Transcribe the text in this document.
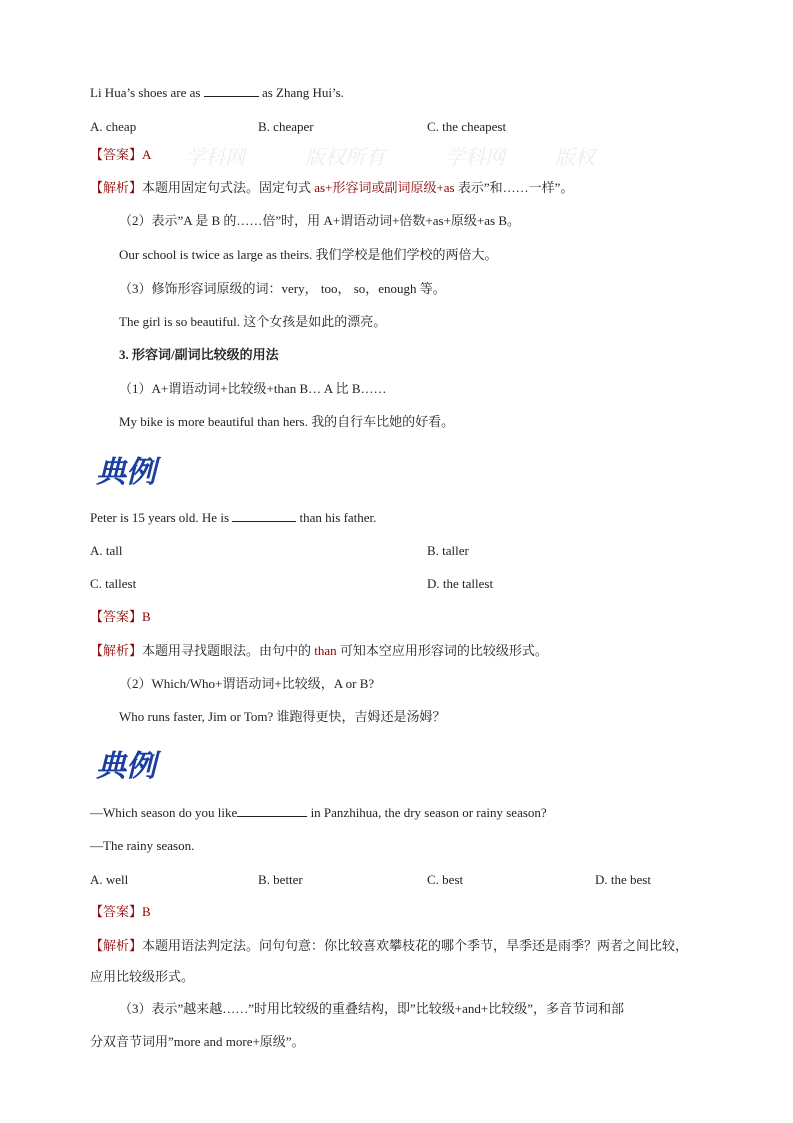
Li Hua’s shoes are as	as Zhang Hui’s.
A. cheap	B. cheaper	C. the cheapest
学科网	版权所有	学科网	版权
【答案】A
【解析】本题用固定句式法。固定句式 as+形容词或副词原级+as 表示”和……一样”。
（2）表示”A 是 B 的……倍”时，用 A+谓语动词+倍数+as+原级+as B。
Our school is twice as large as theirs. 我们学校是他们学校的两倍大。
（3）修饰形容词原级的词：very， too， so，enough 等。
The girl is so beautiful. 这个女孩是如此的漂亮。
3. 形容词/副词比较级的用法
（1）A+谓语动词+比较级+than B… A 比 B……
My bike is more beautiful than hers. 我的自行车比她的好看。
典例
Peter is 15 years old. He is	than his father.
A. tall	B. taller
C. tallest	D. the tallest
【答案】B
【解析】本题用寻找题眼法。由句中的 than 可知本空应用形容词的比较级形式。
（2）Which/Who+谓语动词+比较级，A or B?
Who runs faster, Jim or Tom? 谁跑得更快，吉姆还是汤姆？
典例
—Which season do you like	in Panzhihua, the dry season or rainy season?
—The rainy season.
A. well	B. better	C. best	D. the best
【答案】B
【解析】本题用语法判定法。问句句意：你比较喜欢攀枝花的哪个季节，旱季还是雨季？两者之间比较，
应用比较级形式。
（3）表示”越来越……”时用比较级的重叠结构，即”比较级+and+比较级”，多音节词和部
分双音节词用”more and more+原级”。
